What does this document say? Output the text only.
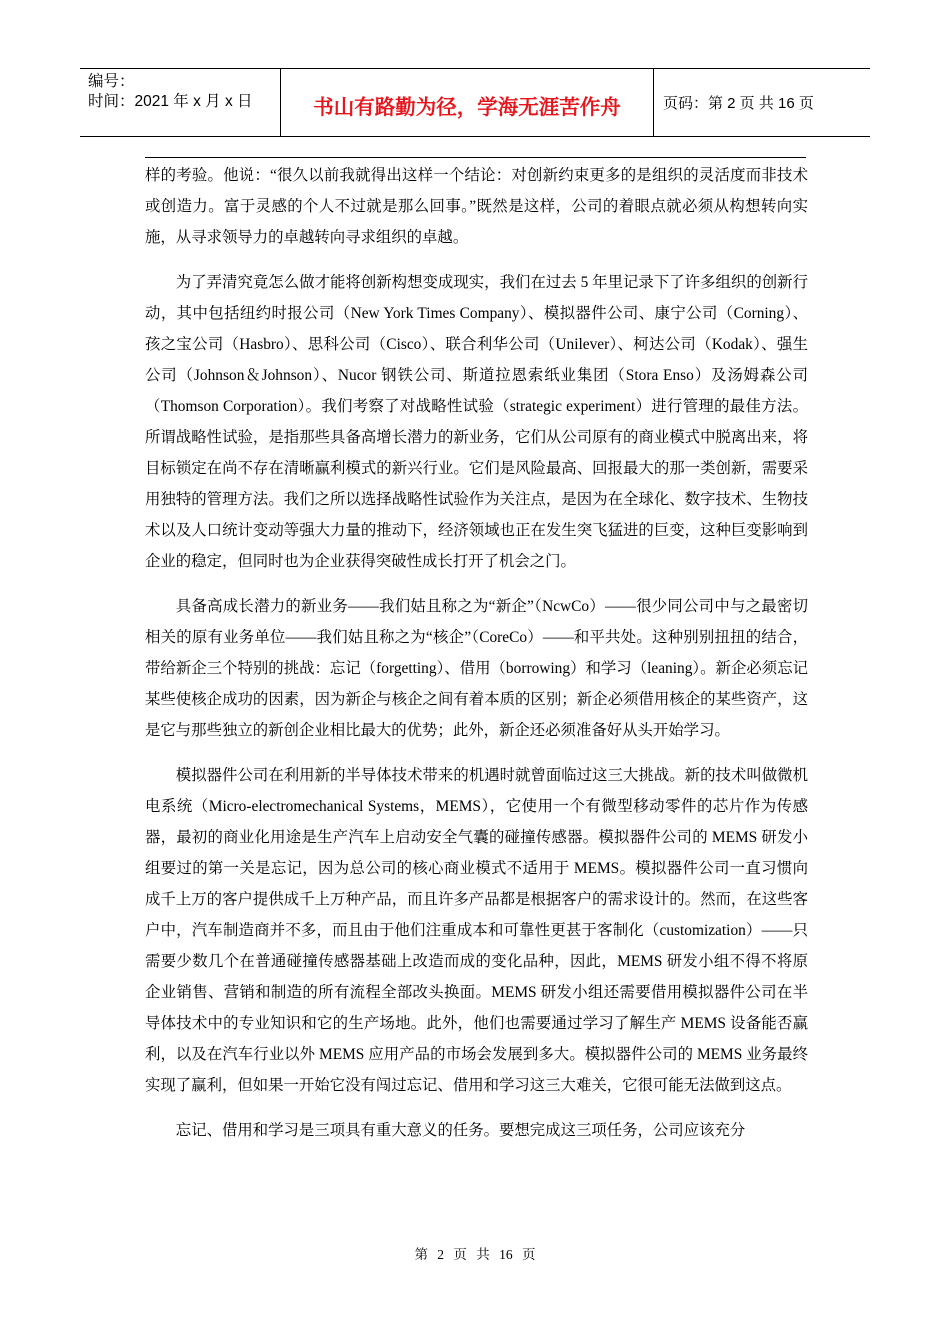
编号：
时间：2021 年 x 月 x 日	书山有路勤为径，学海无涯苦作舟	页码：第 2 页 共 16 页

样的考验。他说：“很久以前我就得出这样一个结论：对创新约束更多的是组织的灵活度而非技术或创造力。富于灵感的个人不过就是那么回事。”既然是这样，公司的着眼点就必须从构想转向实施，从寻求领导力的卓越转向寻求组织的卓越。

为了弄清究竟怎么做才能将创新构想变成现实，我们在过去 5 年里记录下了许多组织的创新行动，其中包括纽约时报公司（New York Times Company）、模拟器件公司、康宁公司（Corning）、孩之宝公司（Hasbro）、思科公司（Cisco）、联合利华公司（Unilever）、柯达公司（Kodak）、强生公司（Johnson＆Johnson）、Nucor 钢铁公司、斯道拉恩索纸业集团（Stora Enso）及汤姆森公司（Thomson Corporation）。我们考察了对战略性试验（strategic experiment）进行管理的最佳方法。所谓战略性试验，是指那些具备高增长潜力的新业务，它们从公司原有的商业模式中脱离出来，将目标锁定在尚不存在清晰赢利模式的新兴行业。它们是风险最高、回报最大的那一类创新，需要采用独特的管理方法。我们之所以选择战略性试验作为关注点，是因为在全球化、数字技术、生物技术以及人口统计变动等强大力量的推动下，经济领域也正在发生突飞猛进的巨变，这种巨变影响到企业的稳定，但同时也为企业获得突破性成长打开了机会之门。

具备高成长潜力的新业务——我们姑且称之为“新企”（NcwCo）——很少同公司中与之最密切相关的原有业务单位——我们姑且称之为“核企”（CoreCo）——和平共处。这种别别扭扭的结合，带给新企三个特别的挑战：忘记（forgetting）、借用（borrowing）和学习（leaning）。新企必须忘记某些使核企成功的因素，因为新企与核企之间有着本质的区别；新企必须借用核企的某些资产，这是它与那些独立的新创企业相比最大的优势；此外，新企还必须准备好从头开始学习。

模拟器件公司在利用新的半导体技术带来的机遇时就曾面临过这三大挑战。新的技术叫做微机电系统（Micro-electromechanical Systems，MEMS），它使用一个有微型移动零件的芯片作为传感器，最初的商业化用途是生产汽车上启动安全气囊的碰撞传感器。模拟器件公司的 MEMS 研发小组要过的第一关是忘记，因为总公司的核心商业模式不适用于 MEMS。模拟器件公司一直习惯向成千上万的客户提供成千上万种产品，而且许多产品都是根据客户的需求设计的。然而，在这些客户中，汽车制造商并不多，而且由于他们注重成本和可靠性更甚于客制化（customization）——只需要少数几个在普通碰撞传感器基础上改造而成的变化品种，因此，MEMS 研发小组不得不将原企业销售、营销和制造的所有流程全部改头换面。MEMS 研发小组还需要借用模拟器件公司在半导体技术中的专业知识和它的生产场地。此外，他们也需要通过学习了解生产 MEMS 设备能否赢利，以及在汽车行业以外 MEMS 应用产品的市场会发展到多大。模拟器件公司的 MEMS 业务最终实现了赢利，但如果一开始它没有闯过忘记、借用和学习这三大难关，它很可能无法做到这点。

忘记、借用和学习是三项具有重大意义的任务。要想完成这三项任务，公司应该充分

第 2 页 共 16 页
